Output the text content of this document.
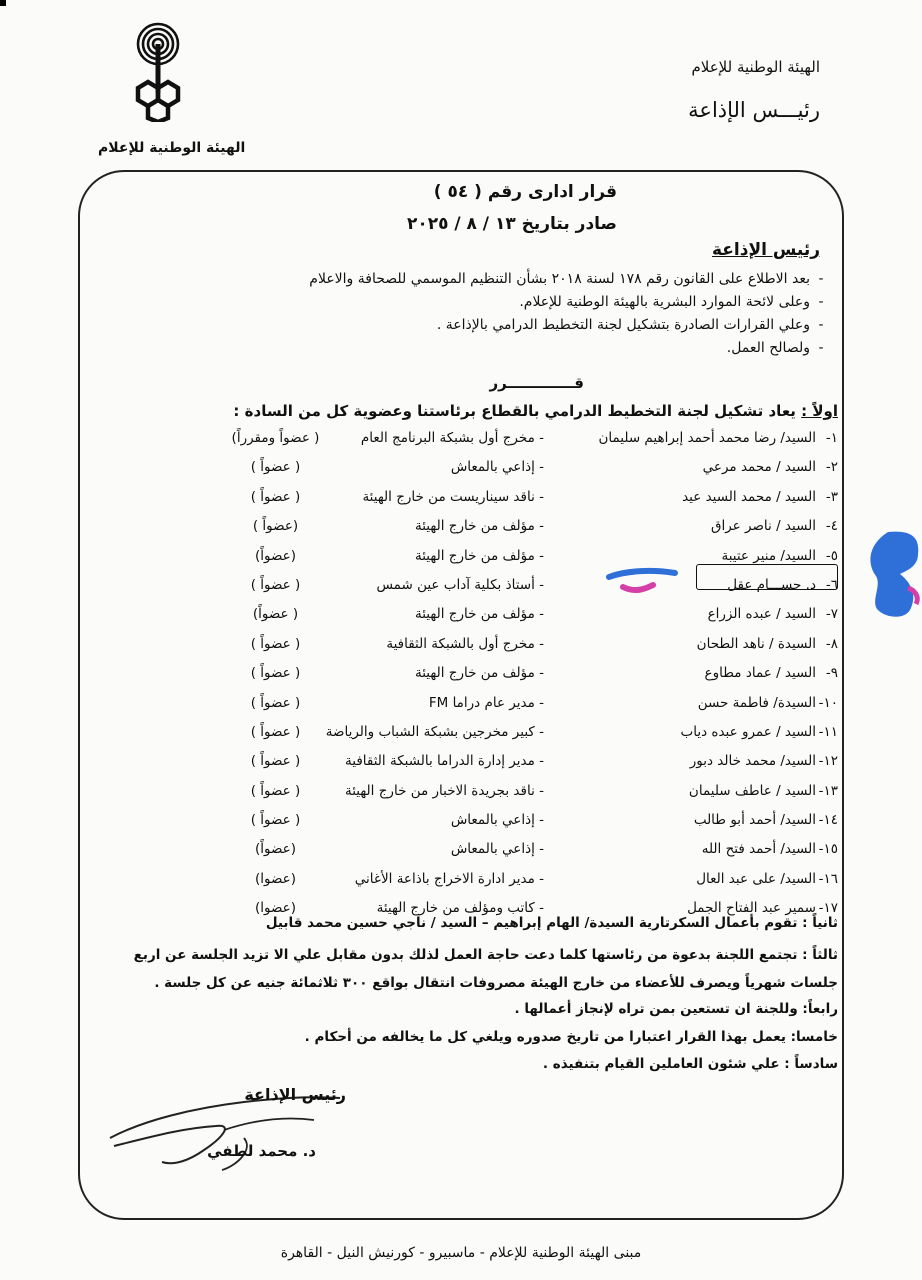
الهيئة الوطنية للإعلام
الهيئة الوطنية للإعلام
رئيـــس الإذاعة
قرار ادارى رقم ( ٥٤ )
صادر بتاريخ ١٣ / ٨ / ٢٠٢٥
رئيس الإذاعة
-بعد الاطلاع على القانون رقم ١٧٨ لسنة ٢٠١٨ بشأن التنظيم الموسمي للصحافة والاعلام
-وعلى لائحة الموارد البشرية بالهيئة الوطنية للإعلام.
-وعلي القرارات الصادرة بتشكيل لجنة التخطيط الدرامي بالإذاعة .
-ولصالح العمل.
قـــــــــــــرر
اولاً : يعاد تشكيل لجنة التخطيط الدرامي بالقطاع برئاستنا وعضوية كل من السادة :
١-
السيد/ رضا محمد أحمد إبراهيم سليمان
- مخرج أول بشبكة البرنامج العام
( عضواً ومقرراً)
٢-
السيد / محمد مرعي
- إذاعي بالمعاش
( عضواً )
٣-
السيد / محمد السيد عيد
- ناقد سيناريست من خارج الهيئة
( عضواً )
٤-
السيد / ناصر عراق
- مؤلف من خارج الهيئة
(عضواً )
٥-
السيد/ منير عتيبة
- مؤلف من خارج الهيئة
(عضواً)
٦-
د. حســـام عقل
- أستاذ بكلية آداب عين شمس
( عضواً )
٧-
السيد / عبده الزراع
- مؤلف من خارج الهيئة
( عضواً)
٨-
السيدة / ناهد الطحان
- مخرج أول بالشبكة الثقافية
( عضواً )
٩-
السيد / عماد مطاوع
- مؤلف من خارج الهيئة
( عضواً )
١٠-
السيدة/ فاطمة حسن
- مدير عام دراما FM
( عضواً )
١١-
السيد / عمرو عبده دياب
- كبير مخرجين بشبكة الشباب والرياضة
( عضواً )
١٢-
السيد/ محمد خالد دبور
- مدير إدارة الدراما بالشبكة الثقافية
( عضواً )
١٣-
السيد / عاطف سليمان
- ناقد بجريدة الاخبار من خارج الهيئة
( عضواً )
١٤-
السيد/ أحمد أبو طالب
- إذاعي بالمعاش
( عضواً )
١٥-
السيد/ أحمد فتح الله
- إذاعي بالمعاش
(عضواً)
١٦-
السيد/ على عبد العال
- مدير ادارة الاخراج باذاعة الأغاني
(عضوا)
١٧-
سمير عبد الفتاح الجمل
- كاتب ومؤلف من خارج الهيئة
(عضوا)
ثانياً : تقوم بأعمال السكرتارية السيدة/ الهام إبراهيم – السيد / ناجي حسين محمد قابيل
ثالثاً : تجتمع اللجنة بدعوة من رئاستها كلما دعت حاجة العمل لذلك بدون مقابل علي الا تزيد الجلسة عن اربع
جلسات شهرياً ويصرف للأعضاء من خارج الهيئة مصروفات انتقال بواقع ٣٠٠ ثلاثمائة جنيه عن كل جلسة .
رابعاً: وللجنة ان تستعين بمن تراه لإنجاز أعمالها .
خامسا: يعمل بهذا القرار اعتبارا من تاريخ صدوره ويلغي كل ما يخالفه من أحكام .
سادساً : علي شئون العاملين القيام بتنفيذه .
رئيس الإذاعة
د. محمد لطفي
مبنى الهيئة الوطنية للإعلام - ماسبيرو - كورنيش النيل - القاهرة
